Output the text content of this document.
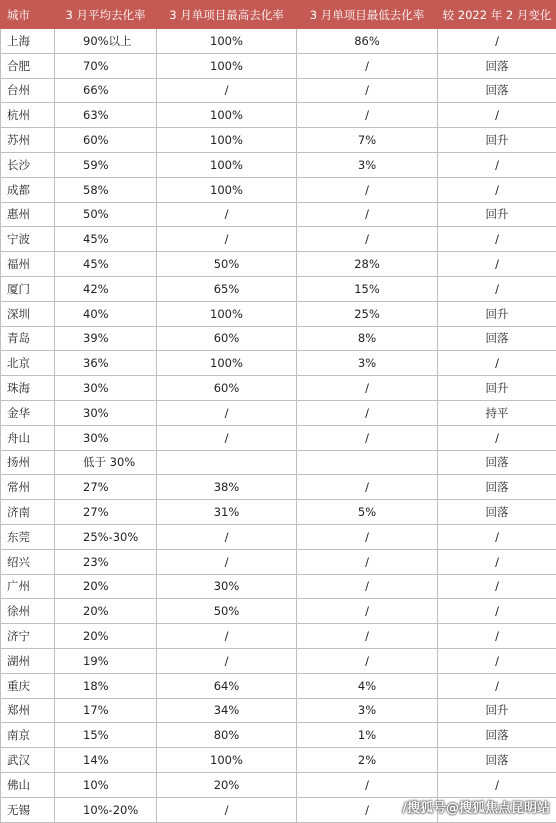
城市	3 月平均去化率	3 月单项目最高去化率	3 月单项目最低去化率	较 2022 年 2 月变化
上海	90%以上	100%	86%	/
合肥	70%	100%	/	回落
台州	66%	/	/	回落
杭州	63%	100%	/	/
苏州	60%	100%	7%	回升
长沙	59%	100%	3%	/
成都	58%	100%	/	/
惠州	50%	/	/	回升
宁波	45%	/	/	/
福州	45%	50%	28%	/
厦门	42%	65%	15%	/
深圳	40%	100%	25%	回升
青岛	39%	60%	8%	回落
北京	36%	100%	3%	/
珠海	30%	60%	/	回升
金华	30%	/	/	持平
舟山	30%	/	/	/
扬州	低于 30%			回落
常州	27%	38%	/	回落
济南	27%	31%	5%	回落
东莞	25%-30%	/	/	/
绍兴	23%	/	/	/
广州	20%	30%	/	/
徐州	20%	50%	/	/
济宁	20%	/	/	/
湖州	19%	/	/	/
重庆	18%	64%	4%	/
郑州	17%	34%	3%	回升
南京	15%	80%	1%	回落
武汉	14%	100%	2%	回落
佛山	10%	20%	/	/
无锡	10%-20%	/	/		/搜狐号@搜狐焦点昆明站
